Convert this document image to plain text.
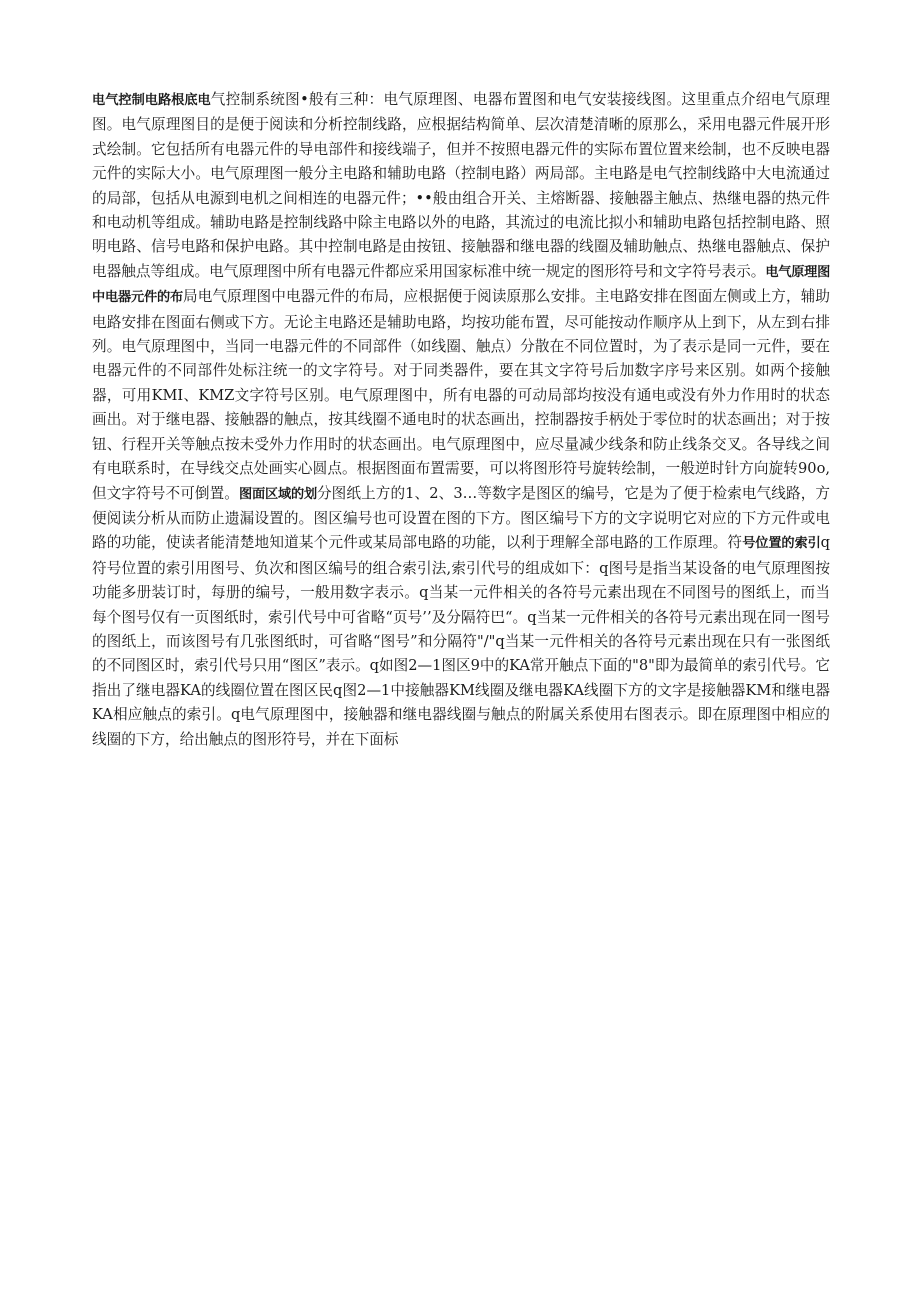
电气控制电路根底电气控制系统图•般有三种：电气原理图、电器布置图和电气安装接线图。这里重点介绍电气原理图。电气原理图目的是便于阅读和分析控制线路，应根据结构简单、层次清楚清晰的原那么，采用电器元件展开形式绘制。它包括所有电器元件的导电部件和接线端子，但并不按照电器元件的实际布置位置来绘制，也不反映电器元件的实际大小。电气原理图一般分主电路和辅助电路（控制电路）两局部。主电路是电气控制线路中大电流通过的局部，包括从电源到电机之间相连的电器元件；••般由组合开关、主熔断器、接触器主触点、热继电器的热元件和电动机等组成。辅助电路是控制线路中除主电路以外的电路，其流过的电流比拟小和辅助电路包括控制电路、照明电路、信号电路和保护电路。其中控制电路是由按钮、接触器和继电器的线圈及辅助触点、热继电器触点、保护电器触点等组成。电气原理图中所有电器元件都应采用国家标准中统一规定的图形符号和文字符号表示。电气原理图中电器元件的布局电气原理图中电器元件的布局，应根据便于阅读原那么安排。主电路安排在图面左侧或上方，辅助电路安排在图面右侧或下方。无论主电路还是辅助电路，均按功能布置，尽可能按动作顺序从上到下，从左到右排列。电气原理图中，当同一电器元件的不同部件（如线圈、触点）分散在不同位置时，为了表示是同一元件，要在电器元件的不同部件处标注统一的文字符号。对于同类器件，要在其文字符号后加数字序号来区别。如两个接触器，可用KMI、KMZ文字符号区别。电气原理图中，所有电器的可动局部均按没有通电或没有外力作用时的状态画出。对于继电器、接触器的触点，按其线圈不通电时的状态画出，控制器按手柄处于零位时的状态画出；对于按钮、行程开关等触点按未受外力作用时的状态画出。电气原理图中，应尽量减少线条和防止线条交叉。各导线之间有电联系时，在导线交点处画实心圆点。根据图面布置需要，可以将图形符号旋转绘制，一般逆时针方向旋转90o,但文字符号不可倒置。图面区域的划分图纸上方的1、2、3…等数字是图区的编号，它是为了便于检索电气线路，方便阅读分析从而防止遗漏设置的。图区编号也可设置在图的下方。图区编号下方的文字说明它对应的下方元件或电路的功能，使读者能清楚地知道某个元件或某局部电路的功能，以利于理解全部电路的工作原理。符号位置的索引q符号位置的索引用图号、负次和图区编号的组合索引法,索引代号的组成如下：q图号是指当某设备的电气原理图按功能多册装订时，每册的编号，一般用数字表示。q当某一元件相关的各符号元素出现在不同图号的图纸上，而当每个图号仅有一页图纸时，索引代号中可省略“页号’’及分隔符巴“。q当某一元件相关的各符号元素出现在同一图号的图纸上，而该图号有几张图纸时，可省略“图号”和分隔符"/"q当某一元件相关的各符号元素出现在只有一张图纸的不同图区时，索引代号只用“图区”表示。q如图2—1图区9中的KA常开触点下面的"8"即为最简单的索引代号。它指出了继电器KA的线圈位置在图区民q图2—1中接触器KM线圈及继电器KA线圈下方的文字是接触器KM和继电器KA相应触点的索引。q电气原理图中，接触器和继电器线圈与触点的附属关系使用右图表示。即在原理图中相应的线圈的下方，给出触点的图形符号，并在下面标
